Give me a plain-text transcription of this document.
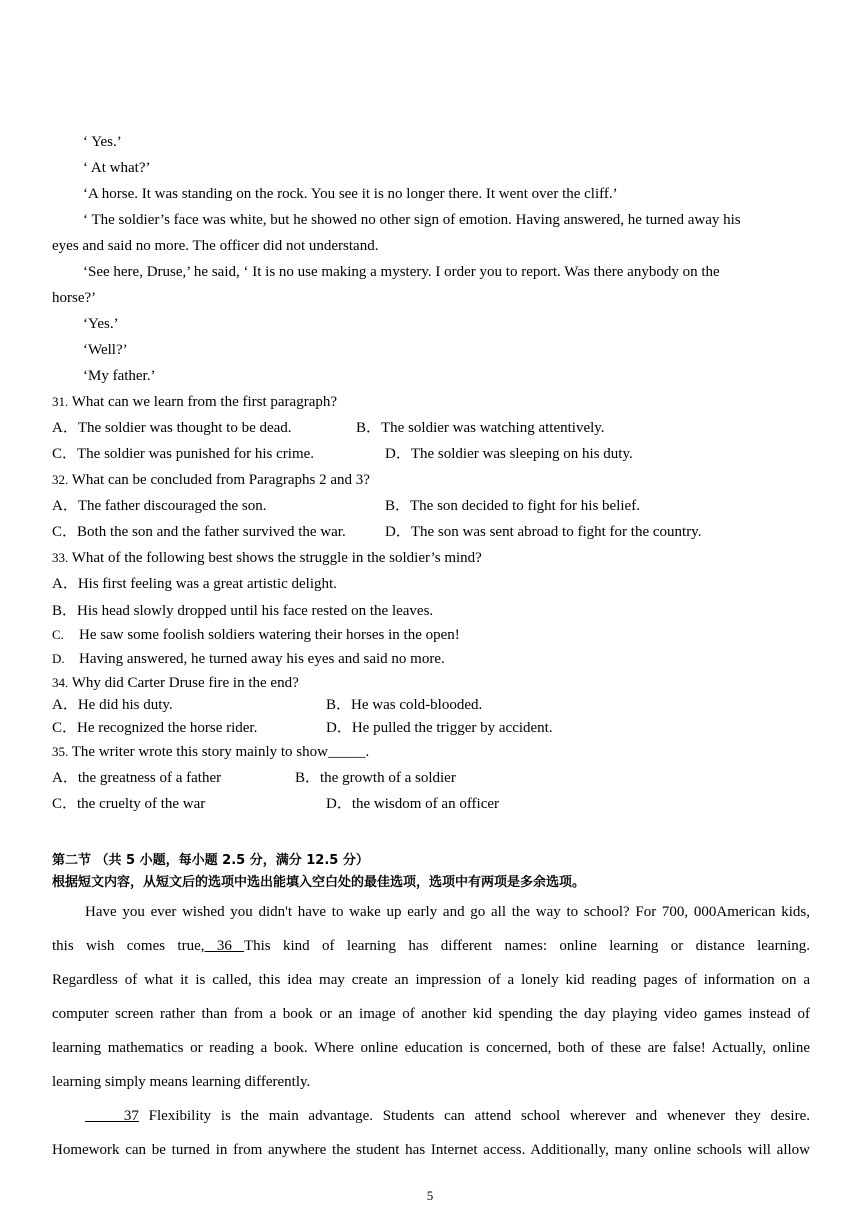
‘ Yes.’
‘ At what?’
‘A horse. It was standing on the rock. You see it is no longer there. It went over the cliff.’
‘ The soldier’s face was white, but he showed no other sign of emotion. Having answered, he turned away his
eyes and said no more. The officer did not understand.
‘See here, Druse,’ he said, ‘ It is no use making a mystery. I order you to report. Was there anybody on the
horse?’
‘Yes.’
‘Well?’
‘My father.’
31. What can we learn from the first paragraph?
A．The soldier was thought to be dead.	B．The soldier was watching attentively.
C．The soldier was punished for his crime.	D．The soldier was sleeping on his duty.
32. What can be concluded from Paragraphs 2 and 3?
A．The father discouraged the son.	B．The son decided to fight for his belief.
C．Both the son and the father survived the war.	D．The son was sent abroad to fight for the country.
33. What of the following best shows the struggle in the soldier’s mind?
A．His first feeling was a great artistic delight.
B．His head slowly dropped until his face rested on the leaves.
C. He saw some foolish soldiers watering their horses in the open!
D. Having answered, he turned away his eyes and said no more.
34. Why did Carter Druse fire in the end?
A．He did his duty.	B．He was cold-blooded.
C．He recognized the horse rider.	D．He pulled the trigger by accident.
35. The writer wrote this story mainly to show_____.
A．the greatness of a father	B．the growth of a soldier
C．the cruelty of the war	D．the wisdom of an officer
第二节 （共 5 小题，每小题 2.5 分，满分 12.5 分）
根据短文内容，从短文后的选项中选出能填入空白处的最佳选项，选项中有两项是多余选项。
Have you ever wished you didn't have to wake up early and go all the way to school? For 700, 000American kids,
this wish comes true, 36 This kind of learning has different names: online learning or distance learning.
Regardless of what it is called, this idea may create an impression of a lonely kid reading pages of information on a
computer screen rather than from a book or an image of another kid spending the day playing video games instead of
learning mathematics or reading a book. Where online education is concerned, both of these are false! Actually, online
learning simply means learning differently.
37 Flexibility is the main advantage. Students can attend school wherever and whenever they desire.
Homework can be turned in from anywhere the student has Internet access. Additionally, many online schools will allow
5
